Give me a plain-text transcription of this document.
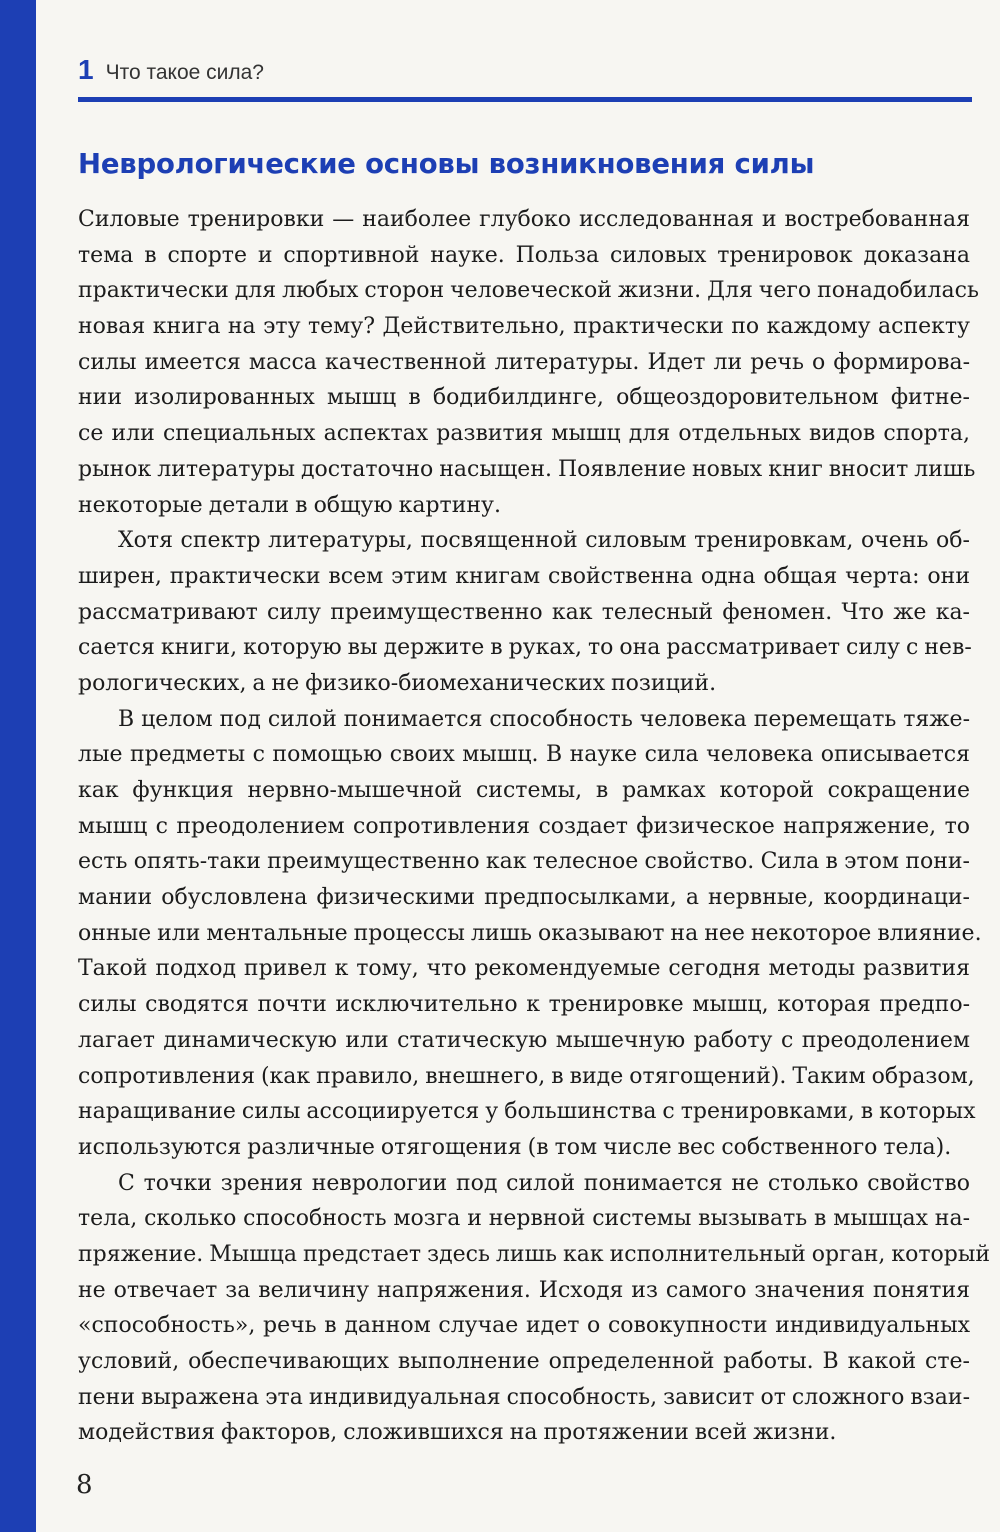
1 Что такое сила?
Неврологические основы возникновения силы
Силовые тренировки — наиболее глубоко исследованная и востребованная
тема в спорте и спортивной науке. Польза силовых тренировок доказана
практически для любых сторон человеческой жизни. Для чего понадобилась
новая книга на эту тему? Действительно, практически по каждому аспекту
силы имеется масса качественной литературы. Идет ли речь о формирова-
нии изолированных мышц в бодибилдинге, общеоздоровительном фитне-
се или специальных аспектах развития мышц для отдельных видов спорта,
рынок литературы достаточно насыщен. Появление новых книг вносит лишь
некоторые детали в общую картину.
Хотя спектр литературы, посвященной силовым тренировкам, очень об-
ширен, практически всем этим книгам свойственна одна общая черта: они
рассматривают силу преимущественно как телесный феномен. Что же ка-
сается книги, которую вы держите в руках, то она рассматривает силу с нев-
рологических, а не физико-биомеханических позиций.
В целом под силой понимается способность человека перемещать тяже-
лые предметы с помощью своих мышц. В науке сила человека описывается
как функция нервно-мышечной системы, в рамках которой сокращение
мышц с преодолением сопротивления создает физическое напряжение, то
есть опять-таки преимущественно как телесное свойство. Сила в этом пони-
мании обусловлена физическими предпосылками, а нервные, координаци-
онные или ментальные процессы лишь оказывают на нее некоторое влияние.
Такой подход привел к тому, что рекомендуемые сегодня методы развития
силы сводятся почти исключительно к тренировке мышц, которая предпо-
лагает динамическую или статическую мышечную работу с преодолением
сопротивления (как правило, внешнего, в виде отягощений). Таким образом,
наращивание силы ассоциируется у большинства с тренировками, в которых
используются различные отягощения (в том числе вес собственного тела).
С точки зрения неврологии под силой понимается не столько свойство
тела, сколько способность мозга и нервной системы вызывать в мышцах на-
пряжение. Мышца предстает здесь лишь как исполнительный орган, который
не отвечает за величину напряжения. Исходя из самого значения понятия
«способность», речь в данном случае идет о совокупности индивидуальных
условий, обеспечивающих выполнение определенной работы. В какой сте-
пени выражена эта индивидуальная способность, зависит от сложного взаи-
модействия факторов, сложившихся на протяжении всей жизни.
8
